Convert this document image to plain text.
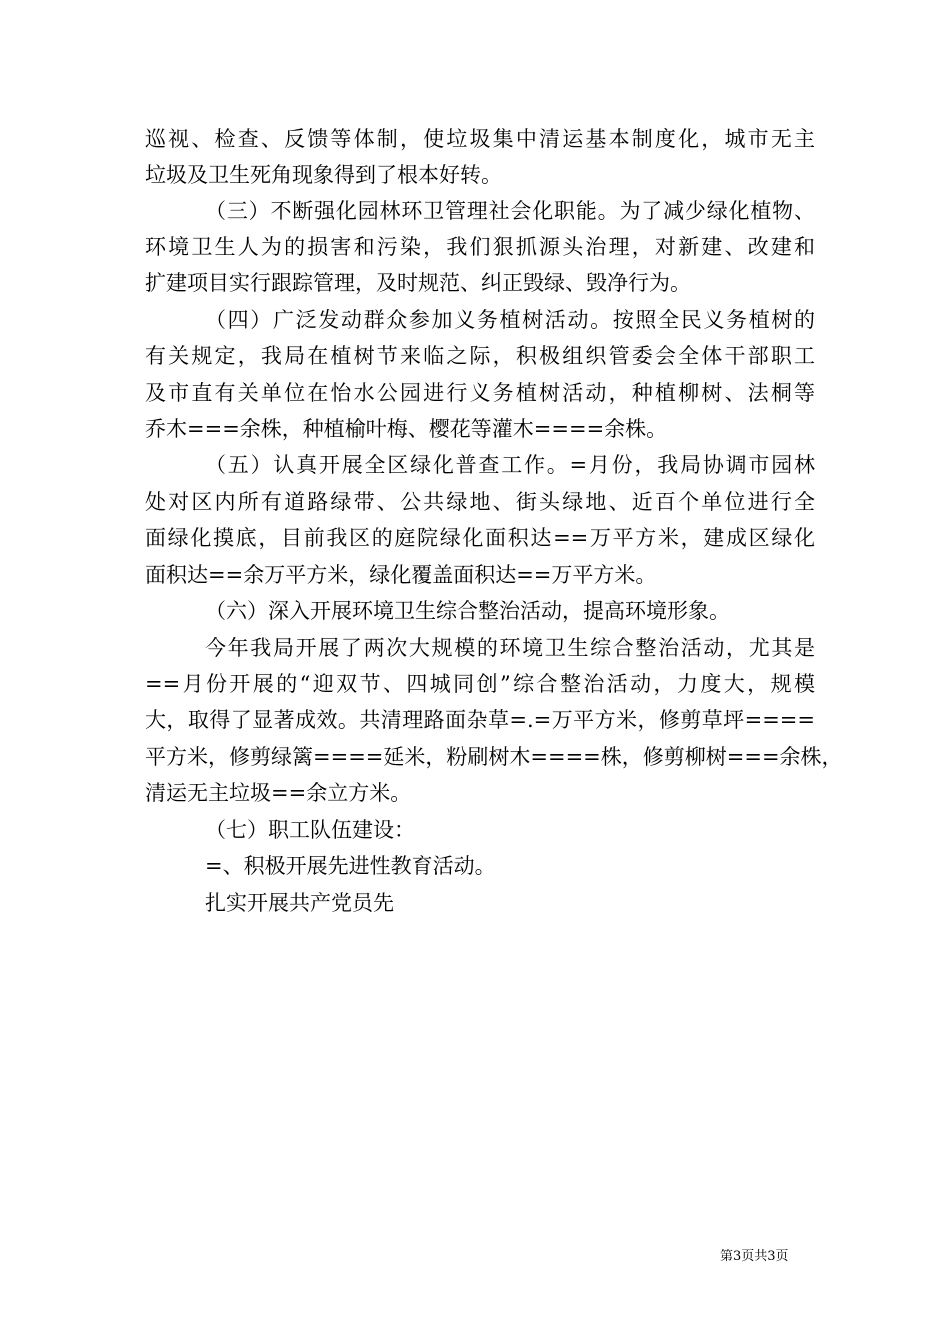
巡视、检查、反馈等体制，使垃圾集中清运基本制度化，城市无主
垃圾及卫生死角现象得到了根本好转。
（三）不断强化园林环卫管理社会化职能。为了减少绿化植物、
环境卫生人为的损害和污染，我们狠抓源头治理，对新建、改建和
扩建项目实行跟踪管理，及时规范、纠正毁绿、毁净行为。
（四）广泛发动群众参加义务植树活动。按照全民义务植树的
有关规定，我局在植树节来临之际，积极组织管委会全体干部职工
及市直有关单位在怡水公园进行义务植树活动，种植柳树、法桐等
乔木===余株，种植榆叶梅、樱花等灌木====余株。
（五）认真开展全区绿化普查工作。=月份，我局协调市园林
处对区内所有道路绿带、公共绿地、街头绿地、近百个单位进行全
面绿化摸底，目前我区的庭院绿化面积达==万平方米，建成区绿化
面积达==余万平方米，绿化覆盖面积达==万平方米。
（六）深入开展环境卫生综合整治活动，提高环境形象。
今年我局开展了两次大规模的环境卫生综合整治活动，尤其是
==月份开展的“迎双节、四城同创”综合整治活动，力度大，规模
大，取得了显著成效。共清理路面杂草=.=万平方米，修剪草坪====
平方米，修剪绿篱====延米，粉刷树木====株，修剪柳树===余株，
清运无主垃圾==余立方米。
（七）职工队伍建设：
=、积极开展先进性教育活动。
扎实开展共产党员先
第3页共3页
